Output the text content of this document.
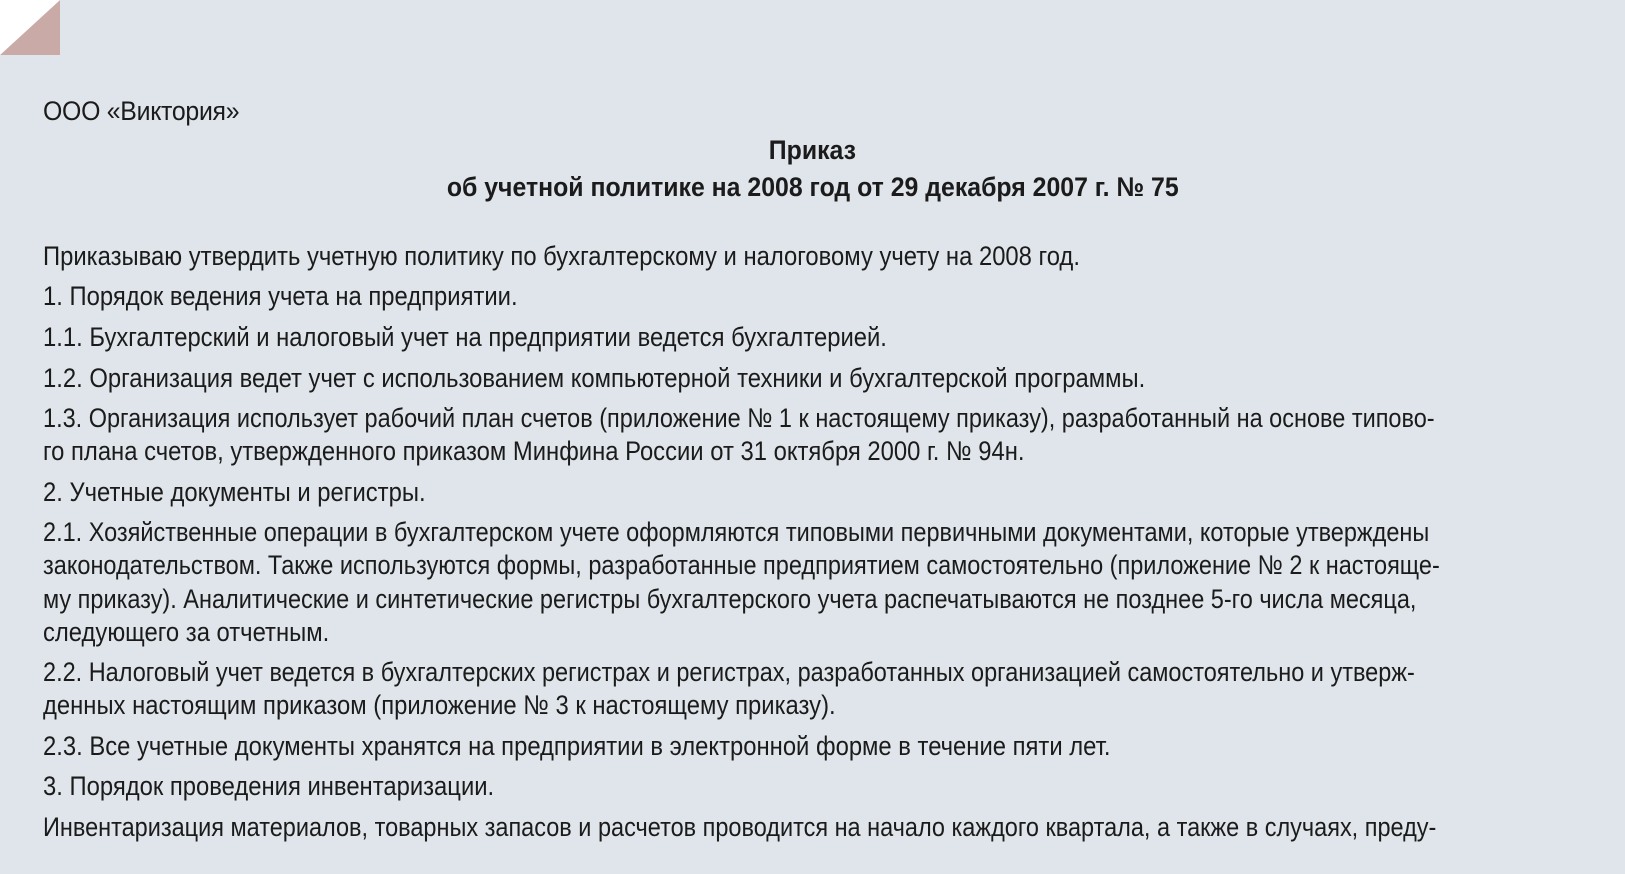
ООО «Виктория»
Приказ
об учетной политике на 2008 год от 29 декабря 2007 г. № 75
Приказываю утвердить учетную политику по бухгалтерскому и налоговому учету на 2008 год.
1. Порядок ведения учета на предприятии.
1.1. Бухгалтерский и налоговый учет на предприятии ведется бухгалтерией.
1.2. Организация ведет учет с использованием компьютерной техники и бухгалтерской программы.
1.3. Организация использует рабочий план счетов (приложение № 1 к настоящему приказу), разработанный на основе типово-
го плана счетов, утвержденного приказом Минфина России от 31 октября 2000 г. № 94н.
2. Учетные документы и регистры.
2.1. Хозяйственные операции в бухгалтерском учете оформляются типовыми первичными документами, которые утверждены
законодательством. Также используются формы, разработанные предприятием самостоятельно (приложение № 2 к настояще-
му приказу). Аналитические и синтетические регистры бухгалтерского учета распечатываются не позднее 5-го числа месяца,
следующего за отчетным.
2.2. Налоговый учет ведется в бухгалтерских регистрах и регистрах, разработанных организацией самостоятельно и утверж-
денных настоящим приказом (приложение № 3 к настоящему приказу).
2.3. Все учетные документы хранятся на предприятии в электронной форме в течение пяти лет.
3. Порядок проведения инвентаризации.
Инвентаризация материалов, товарных запасов и расчетов проводится на начало каждого квартала, а также в случаях, преду-
